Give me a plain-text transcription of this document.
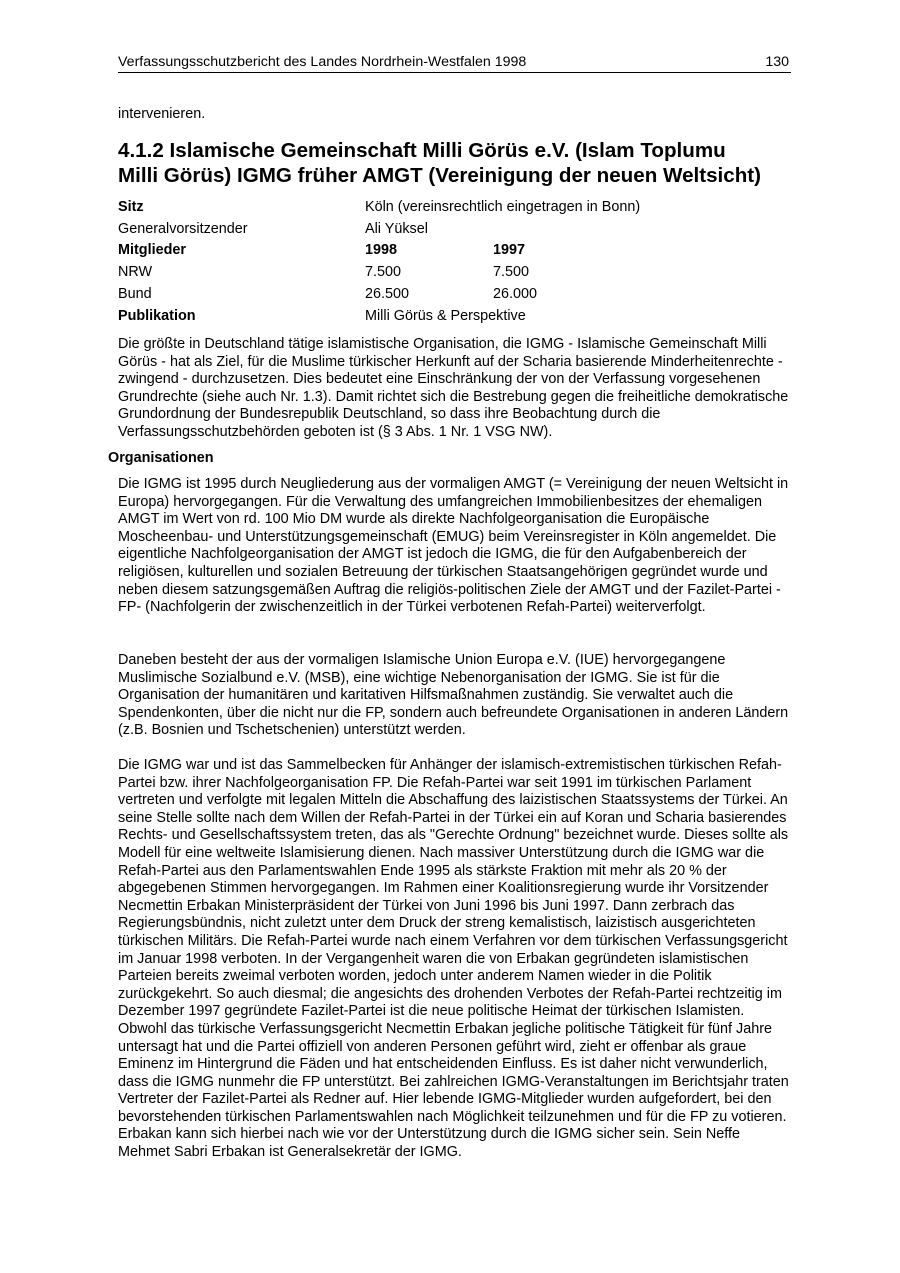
Verfassungsschutzbericht des Landes Nordrhein-Westfalen 1998	130
intervenieren.
4.1.2 Islamische Gemeinschaft Milli Görüs e.V. (Islam Toplumu
Milli Görüs) IGMG früher AMGT (Vereinigung der neuen Weltsicht)
Sitz	Köln (vereinsrechtlich eingetragen in Bonn)	
Generalvorsitzender	Ali Yüksel	
Mitglieder	1998	1997
NRW	7.500	7.500
Bund	26.500	26.000
Publikation	Milli Görüs & Perspektive	

Die größte in Deutschland tätige islamistische Organisation, die IGMG - Islamische Gemeinschaft Milli Görüs - hat als Ziel, für die Muslime türkischer Herkunft auf der Scharia basierende Minderheitenrechte - zwingend - durchzusetzen. Dies bedeutet eine Einschränkung der von der Verfassung vorgesehenen Grundrechte (siehe auch Nr. 1.3). Damit richtet sich die Bestrebung gegen die freiheitliche demokratische Grundordnung der Bundesrepublik Deutschland, so dass ihre Beobachtung durch die Verfassungsschutzbehörden geboten ist (§ 3 Abs. 1 Nr. 1 VSG NW).

Organisationen

Die IGMG ist 1995 durch Neugliederung aus der vormaligen AMGT (= Vereinigung der neuen Weltsicht in Europa) hervorgegangen. Für die Verwaltung des umfangreichen Immobilienbesitzes der ehemaligen AMGT im Wert von rd. 100 Mio DM wurde als direkte Nachfolgeorganisation die Europäische Moscheenbau- und Unterstützungsgemeinschaft (EMUG) beim Vereinsregister in Köln angemeldet. Die eigentliche Nachfolgeorganisation der AMGT ist jedoch die IGMG, die für den Aufgabenbereich der religiösen, kulturellen und sozialen Betreuung der türkischen Staatsangehörigen gegründet wurde und neben diesem satzungsgemäßen Auftrag die religiös-politischen Ziele der AMGT und der Fazilet-Partei -FP- (Nachfolgerin der zwischenzeitlich in der Türkei verbotenen Refah-Partei) weiterverfolgt.

Daneben besteht der aus der vormaligen Islamische Union Europa e.V. (IUE) hervorgegangene Muslimische Sozialbund e.V. (MSB), eine wichtige Nebenorganisation der IGMG. Sie ist für die Organisation der humanitären und karitativen Hilfsmaßnahmen zuständig. Sie verwaltet auch die Spendenkonten, über die nicht nur die FP, sondern auch befreundete Organisationen in anderen Ländern (z.B. Bosnien und Tschetschenien) unterstützt werden.

Die IGMG war und ist das Sammelbecken für Anhänger der islamisch-extremistischen türkischen Refah-Partei bzw. ihrer Nachfolgeorganisation FP. Die Refah-Partei war seit 1991 im türkischen Parlament vertreten und verfolgte mit legalen Mitteln die Abschaffung des laizistischen Staatssystems der Türkei. An seine Stelle sollte nach dem Willen der Refah-Partei in der Türkei ein auf Koran und Scharia basierendes Rechts- und Gesellschaftssystem treten, das als "Gerechte Ordnung" bezeichnet wurde. Dieses sollte als Modell für eine weltweite Islamisierung dienen. Nach massiver Unterstützung durch die IGMG war die Refah-Partei aus den Parlamentswahlen Ende 1995 als stärkste Fraktion mit mehr als 20 % der abgegebenen Stimmen hervorgegangen. Im Rahmen einer Koalitionsregierung wurde ihr Vorsitzender Necmettin Erbakan Ministerpräsident der Türkei von Juni 1996 bis Juni 1997. Dann zerbrach das Regierungsbündnis, nicht zuletzt unter dem Druck der streng kemalistisch, laizistisch ausgerichteten türkischen Militärs. Die Refah-Partei wurde nach einem Verfahren vor dem türkischen Verfassungsgericht im Januar 1998 verboten. In der Vergangenheit waren die von Erbakan gegründeten islamistischen Parteien bereits zweimal verboten worden, jedoch unter anderem Namen wieder in die Politik zurückgekehrt. So auch diesmal; die angesichts des drohenden Verbotes der Refah-Partei rechtzeitig im Dezember 1997 gegründete Fazilet-Partei ist die neue politische Heimat der türkischen Islamisten. Obwohl das türkische Verfassungsgericht Necmettin Erbakan jegliche politische Tätigkeit für fünf Jahre untersagt hat und die Partei offiziell von anderen Personen geführt wird, zieht er offenbar als graue Eminenz im Hintergrund die Fäden und hat entscheidenden Einfluss. Es ist daher nicht verwunderlich, dass die IGMG nunmehr die FP unterstützt. Bei zahlreichen IGMG-Veranstaltungen im Berichtsjahr traten Vertreter der Fazilet-Partei als Redner auf. Hier lebende IGMG-Mitglieder wurden aufgefordert, bei den bevorstehenden türkischen Parlamentswahlen nach Möglichkeit teilzunehmen und für die FP zu votieren. Erbakan kann sich hierbei nach wie vor der Unterstützung durch die IGMG sicher sein. Sein Neffe Mehmet Sabri Erbakan ist Generalsekretär der IGMG.
